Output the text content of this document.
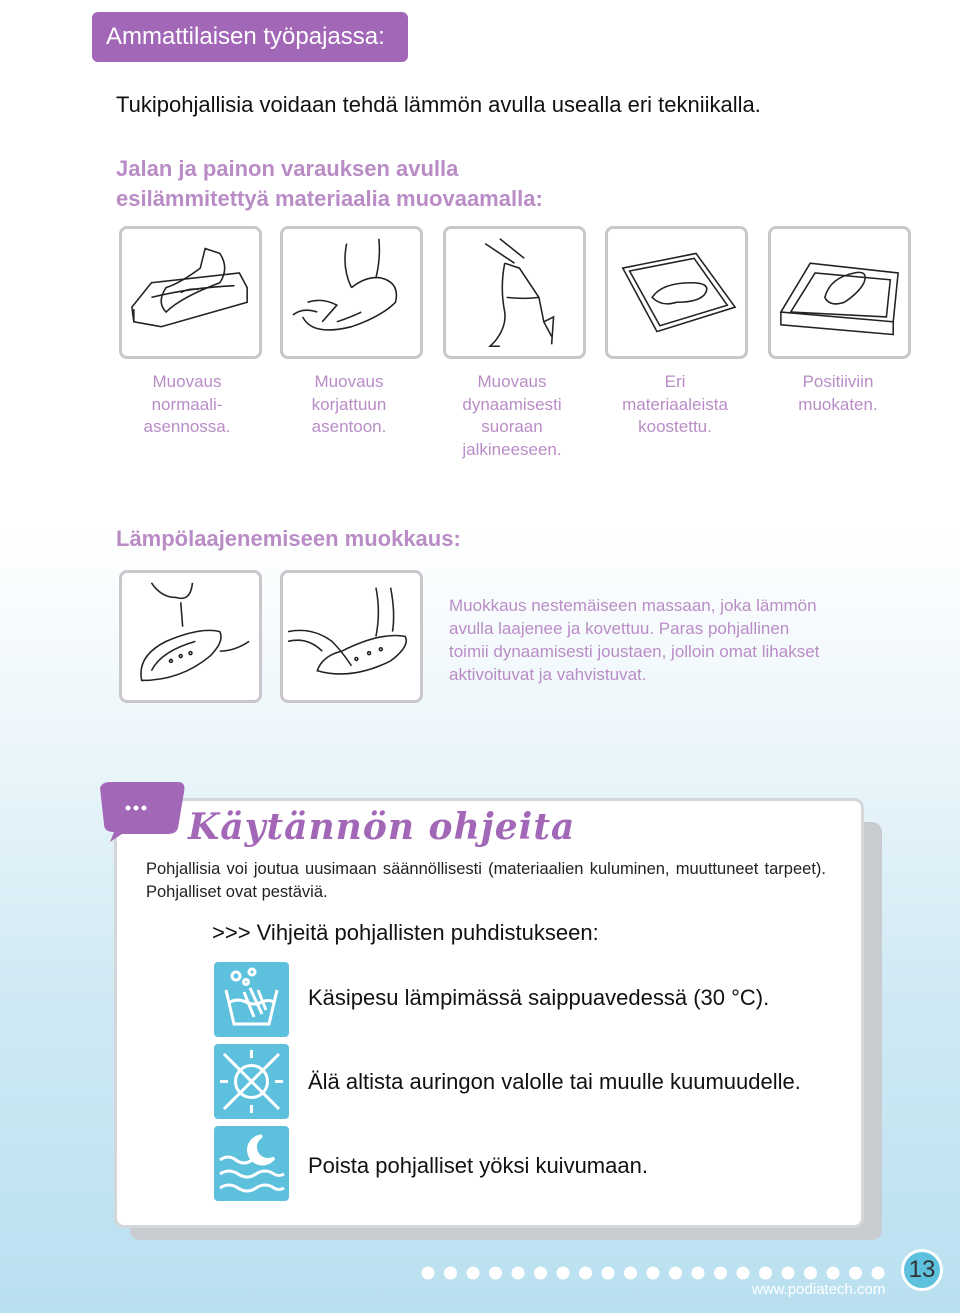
Ammattilaisen työpajassa:
Tukipohjallisia voidaan tehdä lämmön avulla usealla eri tekniikalla.
Jalan ja painon varauksen avulla
esilämmitettyä materiaalia muovaamalla:
Muovaus
normaali-
asennossa.
Muovaus
korjattuun
asentoon.
Muovaus
dynaamisesti
suoraan
jalkineeseen.
Eri
materiaaleista
koostettu.
Positiiviin
muokaten.
Lämpölaajenemiseen muokkaus:
Muokkaus nestemäiseen massaan, joka lämmön
avulla laajenee ja kovettuu. Paras pohjallinen
toimii dynaamisesti joustaen, jolloin omat lihakset
aktivoituvat ja vahvistuvat.
Käytännön ohjeita
Pohjallisia voi joutua uusimaan säännöllisesti (materiaalien kuluminen, muuttuneet tarpeet). Pohjalliset ovat pestäviä.
>>> Vihjeitä pohjallisten puhdistukseen:
Käsipesu lämpimässä saippuavedessä (30 °C).
Älä altista auringon valolle tai muulle kuumuudelle.
Poista pohjalliset yöksi kuivumaan.
13
www.podiatech.com
